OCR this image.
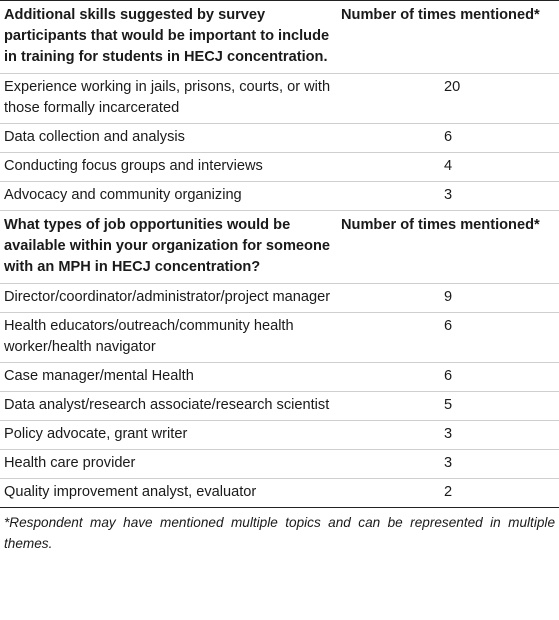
Additional skills suggested by survey participants that would be important to include in training for students in HECJ concentration.	Number of times mentioned*
Experience working in jails, prisons, courts, or with those formally incarcerated	20
Data collection and analysis	6
Conducting focus groups and interviews	4
Advocacy and community organizing	3
What types of job opportunities would be available within your organization for someone with an MPH in HECJ concentration?	Number of times mentioned*
Director/coordinator/administrator/project manager	9
Health educators/outreach/community health worker/health navigator	6
Case manager/mental Health	6
Data analyst/research associate/research scientist	5
Policy advocate, grant writer	3
Health care provider	3
Quality improvement analyst, evaluator	2
*Respondent may have mentioned multiple topics and can be represented in multiple themes.
